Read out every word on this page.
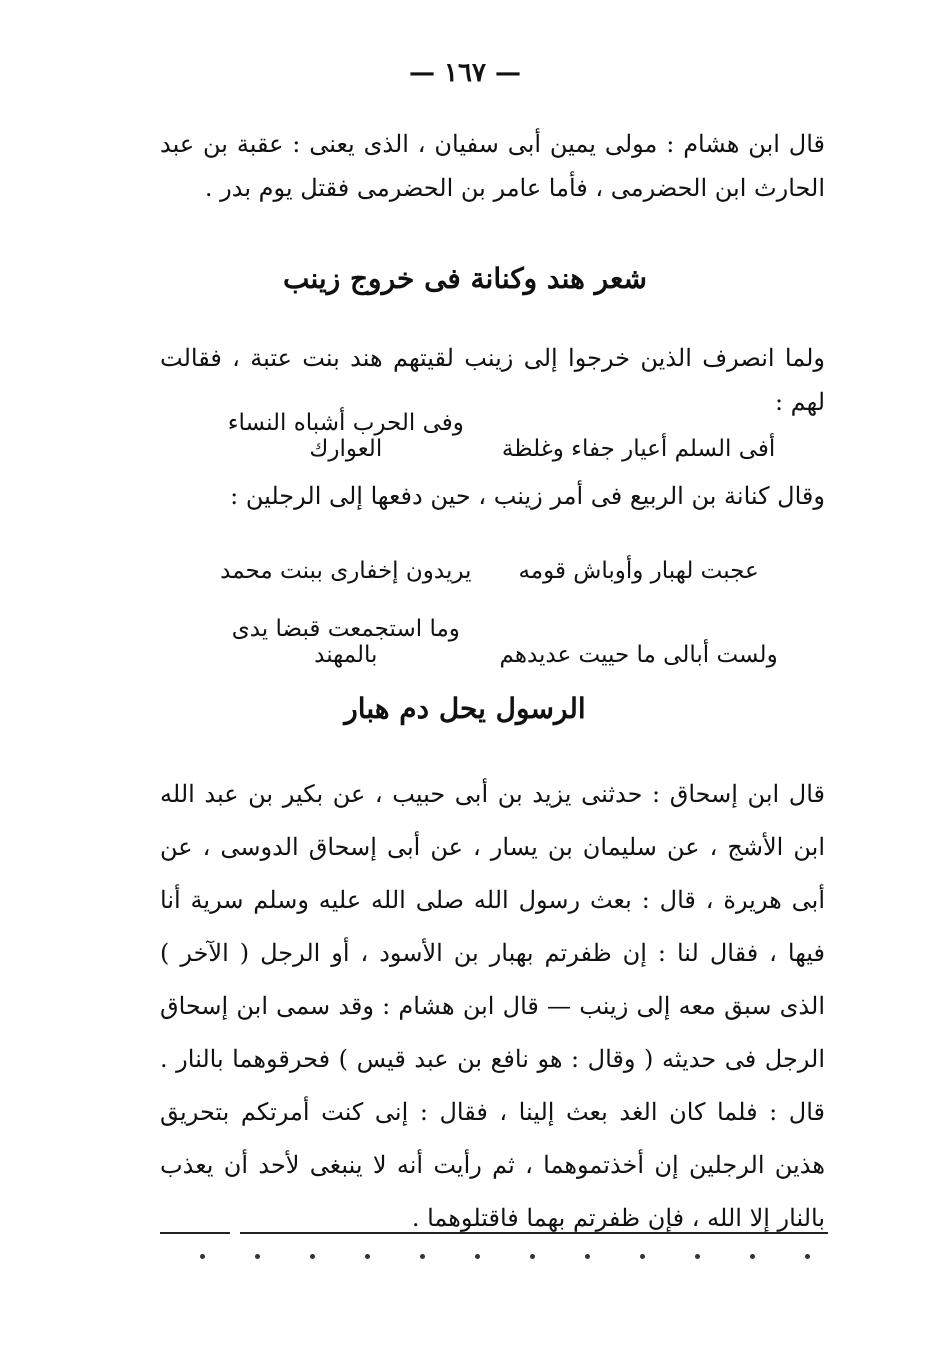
— ١٦٧ —

قال ابن هشام : مولى يمين أبى سفيان ، الذى يعنى : عقبة بن عبد الحارث ابن الحضرمى ، فأما عامر بن الحضرمى فقتل يوم بدر .

شعر هند وكنانة فى خروج زينب

ولما انصرف الذين خرجوا إلى زينب لقيتهم هند بنت عتبة ، فقالت لهم :

أفى السلم أعيار جفاء وغلظةوفى الحرب أشباه النساء العوارك

وقال كنانة بن الربيع فى أمر زينب ، حين دفعها إلى الرجلين :

عجبت لهبار وأوباش قومهيريدون إخفارى ببنت محمد
ولست أبالى ما حييت عديدهموما استجمعت قبضا يدى بالمهند
الرسول يحل دم هبار

قال ابن إسحاق : حدثنى يزيد بن أبى حبيب ، عن بكير بن عبد الله ابن الأشج ، عن سليمان بن يسار ، عن أبى إسحاق الدوسى ، عن أبى هريرة ، قال : بعث رسول الله صلى الله عليه وسلم سرية أنا فيها ، فقال لنا : إن ظفرتم بهبار بن الأسود ، أو الرجل ( الآخر ) الذى سبق معه إلى زينب — قال ابن هشام : وقد سمى ابن إسحاق الرجل فى حديثه ( وقال : هو نافع بن عبد قيس ) فحرقوهما بالنار . قال : فلما كان الغد بعث إلينا ، فقال : إنى كنت أمرتكم بتحريق هذين الرجلين إن أخذتموهما ، ثم رأيت أنه لا ينبغى لأحد أن يعذب بالنار إلا الله ، فإن ظفرتم بهما فاقتلوهما .
